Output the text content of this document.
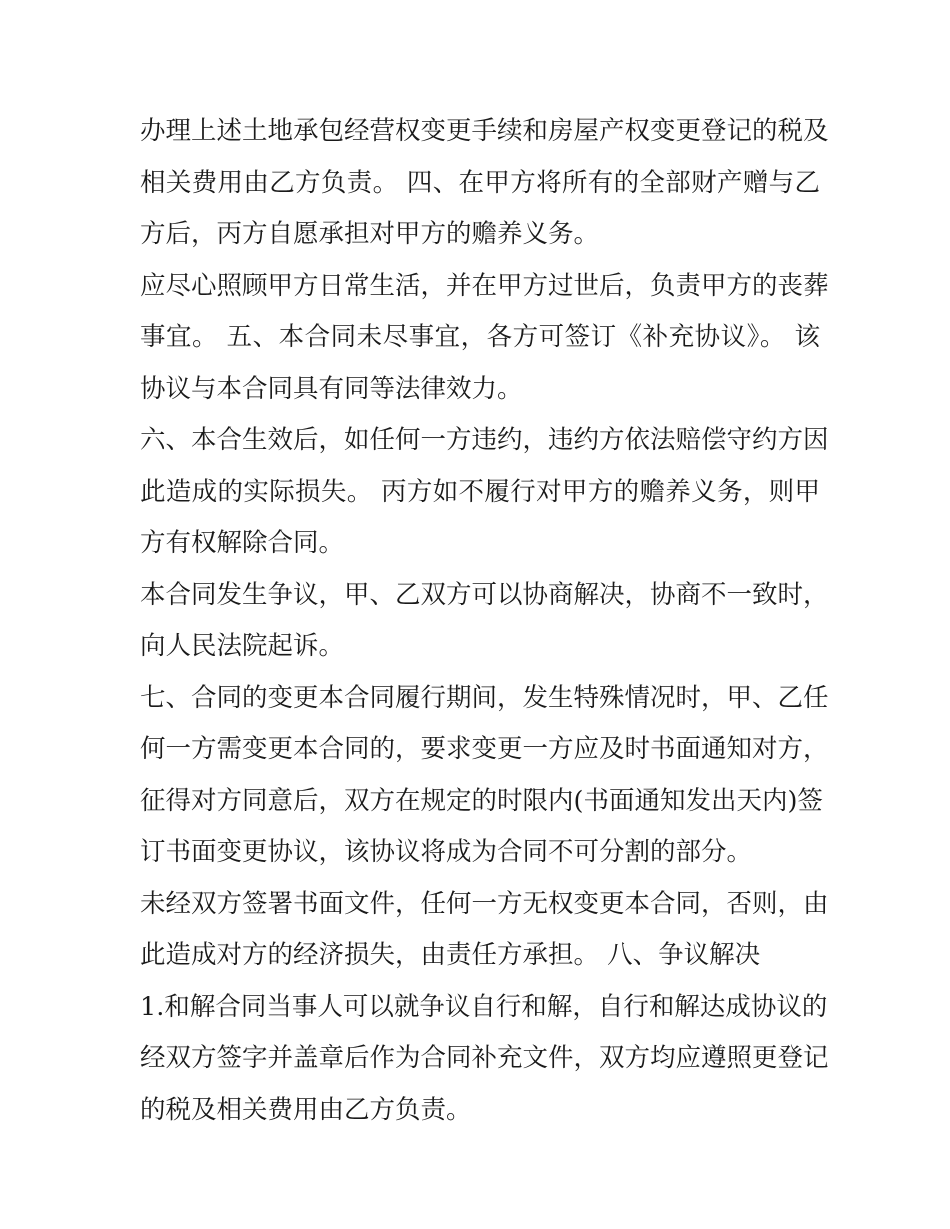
办理上述土地承包经营权变更手续和房屋产权变更登记的税及
相关费用由乙方负责。 四、在甲方将所有的全部财产赠与乙
方后，丙方自愿承担对甲方的赡养义务。
应尽心照顾甲方日常生活，并在甲方过世后，负责甲方的丧葬
事宜。 五、本合同未尽事宜，各方可签订《补充协议》。 该
协议与本合同具有同等法律效力。
六、本合生效后，如任何一方违约，违约方依法赔偿守约方因
此造成的实际损失。 丙方如不履行对甲方的赡养义务，则甲
方有权解除合同。
本合同发生争议，甲、乙双方可以协商解决，协商不一致时，
向人民法院起诉。
七、合同的变更本合同履行期间，发生特殊情况时，甲、乙任
何一方需变更本合同的，要求变更一方应及时书面通知对方，
征得对方同意后，双方在规定的时限内(书面通知发出天内)签
订书面变更协议，该协议将成为合同不可分割的部分。
未经双方签署书面文件，任何一方无权变更本合同，否则，由
此造成对方的经济损失，由责任方承担。 八、争议解决
1.和解合同当事人可以就争议自行和解，自行和解达成协议的
经双方签字并盖章后作为合同补充文件，双方均应遵照更登记
的税及相关费用由乙方负责。
